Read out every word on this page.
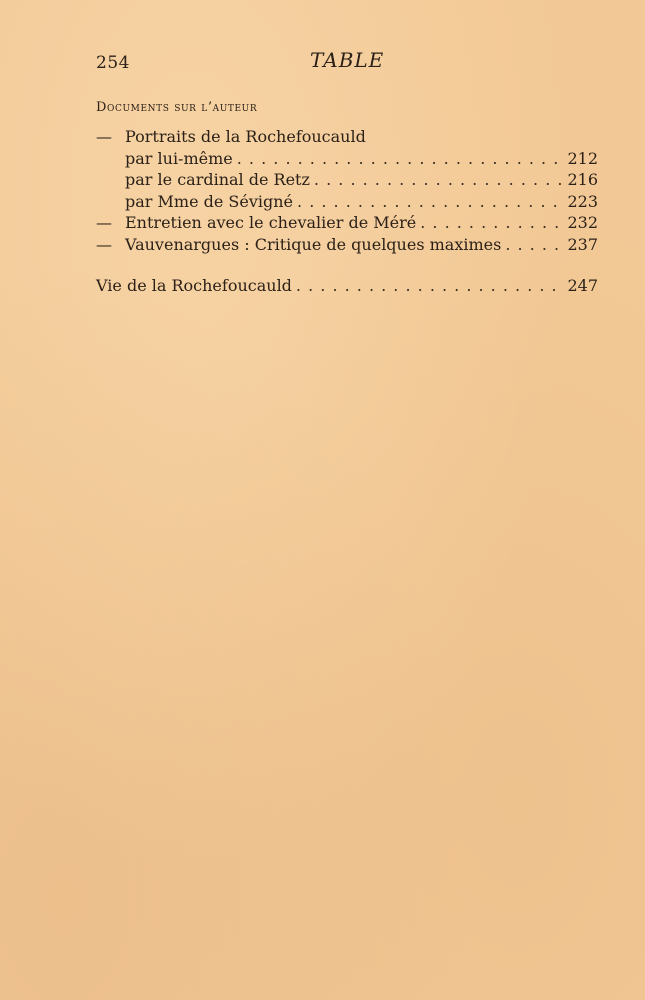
254	TABLE
Documents sur l’auteur
— Portraits de la Rochefoucauld
par lui-même . . .	212
par le cardinal de Retz . . .	216
par Mme de Sévigné . . .	223
— Entretien avec le chevalier de Méré . . .	232
— Vauvenargues : Critique de quelques maximes . . .	237
Vie de la Rochefoucauld . . .	247
